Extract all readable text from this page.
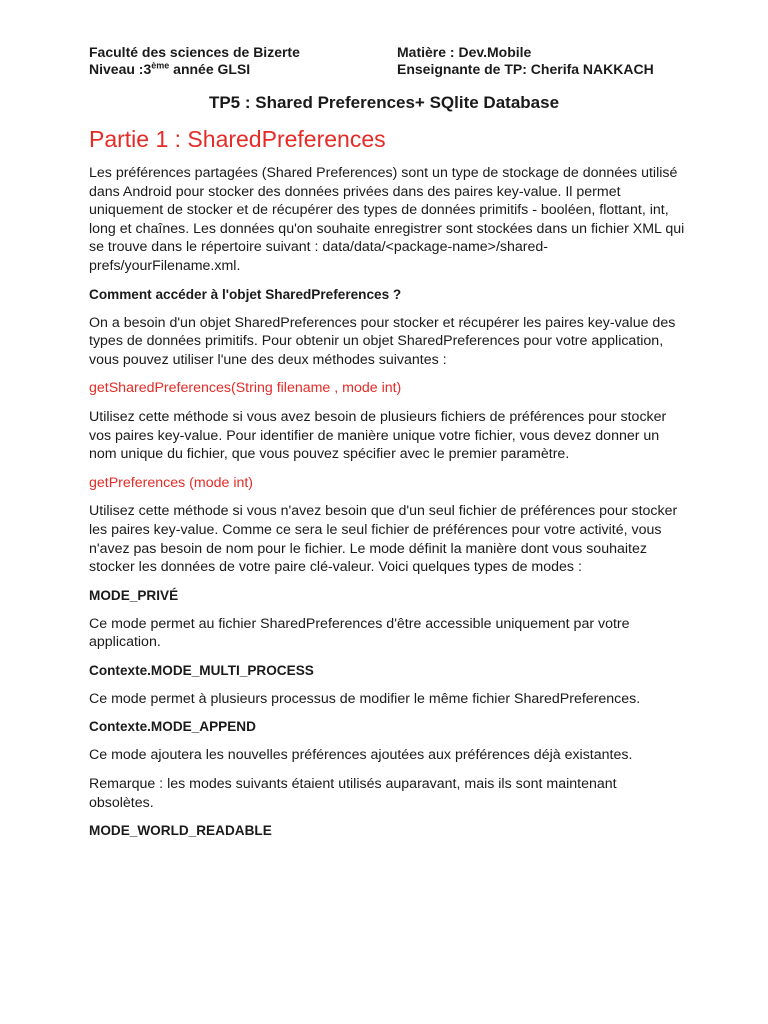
Faculté des sciences de Bizerte
Niveau :3ème année GLSI
Matière : Dev.Mobile
Enseignante de TP: Cherifa NAKKACH
TP5 : Shared Preferences+ SQlite Database
Partie 1 : SharedPreferences

Les préférences partagées (Shared Preferences) sont un type de stockage de données utilisé dans Android pour stocker des données privées dans des paires key-value. Il permet uniquement de stocker et de récupérer des types de données primitifs - booléen, flottant, int, long et chaînes. Les données qu'on souhaite enregistrer sont stockées dans un fichier XML qui se trouve dans le répertoire suivant : data/data/<package-name>/shared-prefs/yourFilename.xml.

Comment accéder à l'objet SharedPreferences ?

On a besoin d'un objet SharedPreferences pour stocker et récupérer les paires key-value des types de données primitifs. Pour obtenir un objet SharedPreferences pour votre application, vous pouvez utiliser l'une des deux méthodes suivantes :

getSharedPreferences(String filename , mode int)

Utilisez cette méthode si vous avez besoin de plusieurs fichiers de préférences pour stocker vos paires key-value. Pour identifier de manière unique votre fichier, vous devez donner un nom unique du fichier, que vous pouvez spécifier avec le premier paramètre.

getPreferences (mode int)

Utilisez cette méthode si vous n'avez besoin que d'un seul fichier de préférences pour stocker les paires key-value. Comme ce sera le seul fichier de préférences pour votre activité, vous n'avez pas besoin de nom pour le fichier. Le mode définit la manière dont vous souhaitez stocker les données de votre paire clé-valeur. Voici quelques types de modes :

MODE_PRIVÉ

Ce mode permet au fichier SharedPreferences d'être accessible uniquement par votre application.

Contexte.MODE_MULTI_PROCESS

Ce mode permet à plusieurs processus de modifier le même fichier SharedPreferences.

Contexte.MODE_APPEND

Ce mode ajoutera les nouvelles préférences ajoutées aux préférences déjà existantes.

Remarque : les modes suivants étaient utilisés auparavant, mais ils sont maintenant obsolètes.

MODE_WORLD_READABLE
